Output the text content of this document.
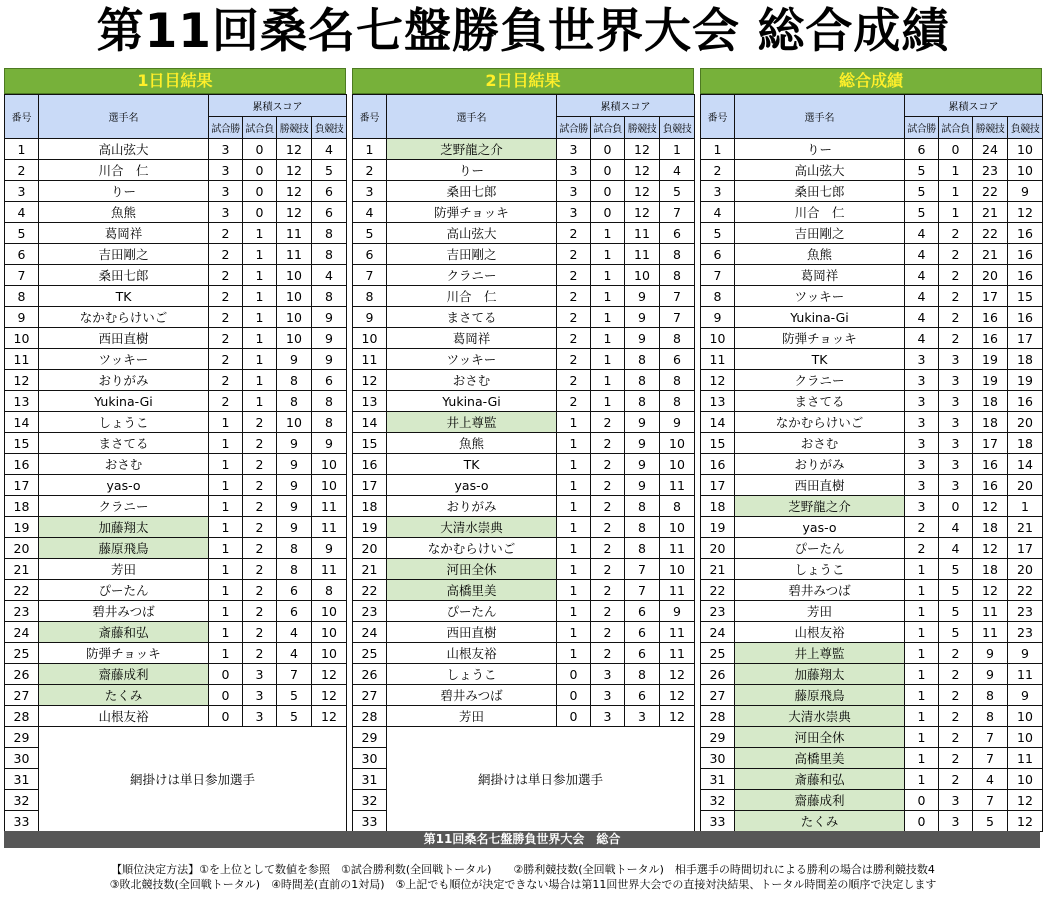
第11回桑名七盤勝負世界大会 総合成績
1日目結果
番号	選手名	累積スコア			
		試合勝	試合負	勝競技	負競技
1	高山弦大	3	0	12	4
2	川合　仁	3	0	12	5
3	りー	3	0	12	6
4	魚熊	3	0	12	6
5	葛岡祥	2	1	11	8
6	吉田剛之	2	1	11	8
7	桑田七郎	2	1	10	4
8	TK	2	1	10	8
9	なかむらけいご	2	1	10	9
10	西田直樹	2	1	10	9
11	ツッキー	2	1	9	9
12	おりがみ	2	1	8	6
13	Yukina-Gi	2	1	8	8
14	しょうこ	1	2	10	8
15	まさてる	1	2	9	9
16	おさむ	1	2	9	10
17	yas-o	1	2	9	10
18	クラニー	1	2	9	11
19	加藤翔太	1	2	9	11
20	藤原飛鳥	1	2	8	9
21	芳田	1	2	8	11
22	ぴーたん	1	2	6	8
23	碧井みつば	1	2	6	10
24	斎藤和弘	1	2	4	10
25	防弾チョッキ	1	2	4	10
26	齋藤成利	0	3	7	12
27	たくみ	0	3	5	12
28	山根友裕	0	3	5	12
29	網掛けは単日参加選手				
30					
31					
32					
33					
2日目結果
番号	選手名	累積スコア			
		試合勝	試合負	勝競技	負競技
1	芝野龍之介	3	0	12	1
2	りー	3	0	12	4
3	桑田七郎	3	0	12	5
4	防弾チョッキ	3	0	12	7
5	高山弦大	2	1	11	6
6	吉田剛之	2	1	11	8
7	クラニー	2	1	10	8
8	川合　仁	2	1	9	7
9	まさてる	2	1	9	7
10	葛岡祥	2	1	9	8
11	ツッキー	2	1	8	6
12	おさむ	2	1	8	8
13	Yukina-Gi	2	1	8	8
14	井上尊監	1	2	9	9
15	魚熊	1	2	9	10
16	TK	1	2	9	10
17	yas-o	1	2	9	11
18	おりがみ	1	2	8	8
19	大清水崇典	1	2	8	10
20	なかむらけいご	1	2	8	11
21	河田全休	1	2	7	10
22	高橋里美	1	2	7	11
23	ぴーたん	1	2	6	9
24	西田直樹	1	2	6	11
25	山根友裕	1	2	6	11
26	しょうこ	0	3	8	12
27	碧井みつば	0	3	6	12
28	芳田	0	3	3	12
29	網掛けは単日参加選手				
30					
31					
32					
33					
総合成績
番号	選手名	累積スコア			
		試合勝	試合負	勝競技	負競技
1	りー	6	0	24	10
2	高山弦大	5	1	23	10
3	桑田七郎	5	1	22	9
4	川合　仁	5	1	21	12
5	吉田剛之	4	2	22	16
6	魚熊	4	2	21	16
7	葛岡祥	4	2	20	16
8	ツッキー	4	2	17	15
9	Yukina-Gi	4	2	16	16
10	防弾チョッキ	4	2	16	17
11	TK	3	3	19	18
12	クラニー	3	3	19	19
13	まさてる	3	3	18	16
14	なかむらけいご	3	3	18	20
15	おさむ	3	3	17	18
16	おりがみ	3	3	16	14
17	西田直樹	3	3	16	20
18	芝野龍之介	3	0	12	1
19	yas-o	2	4	18	21
20	ぴーたん	2	4	12	17
21	しょうこ	1	5	18	20
22	碧井みつば	1	5	12	22
23	芳田	1	5	11	23
24	山根友裕	1	5	11	23
25	井上尊監	1	2	9	9
26	加藤翔太	1	2	9	11
27	藤原飛鳥	1	2	8	9
28	大清水崇典	1	2	8	10
29	河田全休	1	2	7	10
30	高橋里美	1	2	7	11
31	斎藤和弘	1	2	4	10
32	齋藤成利	0	3	7	12
33	たくみ	0	3	5	12
第11回桑名七盤勝負世界大会　総合
【順位決定方法】①を上位として数値を参照　①試合勝利数(全回戦トータル)　　②勝利競技数(全回戦トータル)　相手選手の時間切れによる勝利の場合は勝利競技数4
③敗北競技数(全回戦トータル)　④時間差(直前の1対局)　⑤上記でも順位が決定できない場合は第11回世界大会での直接対決結果、トータル時間差の順序で決定します
